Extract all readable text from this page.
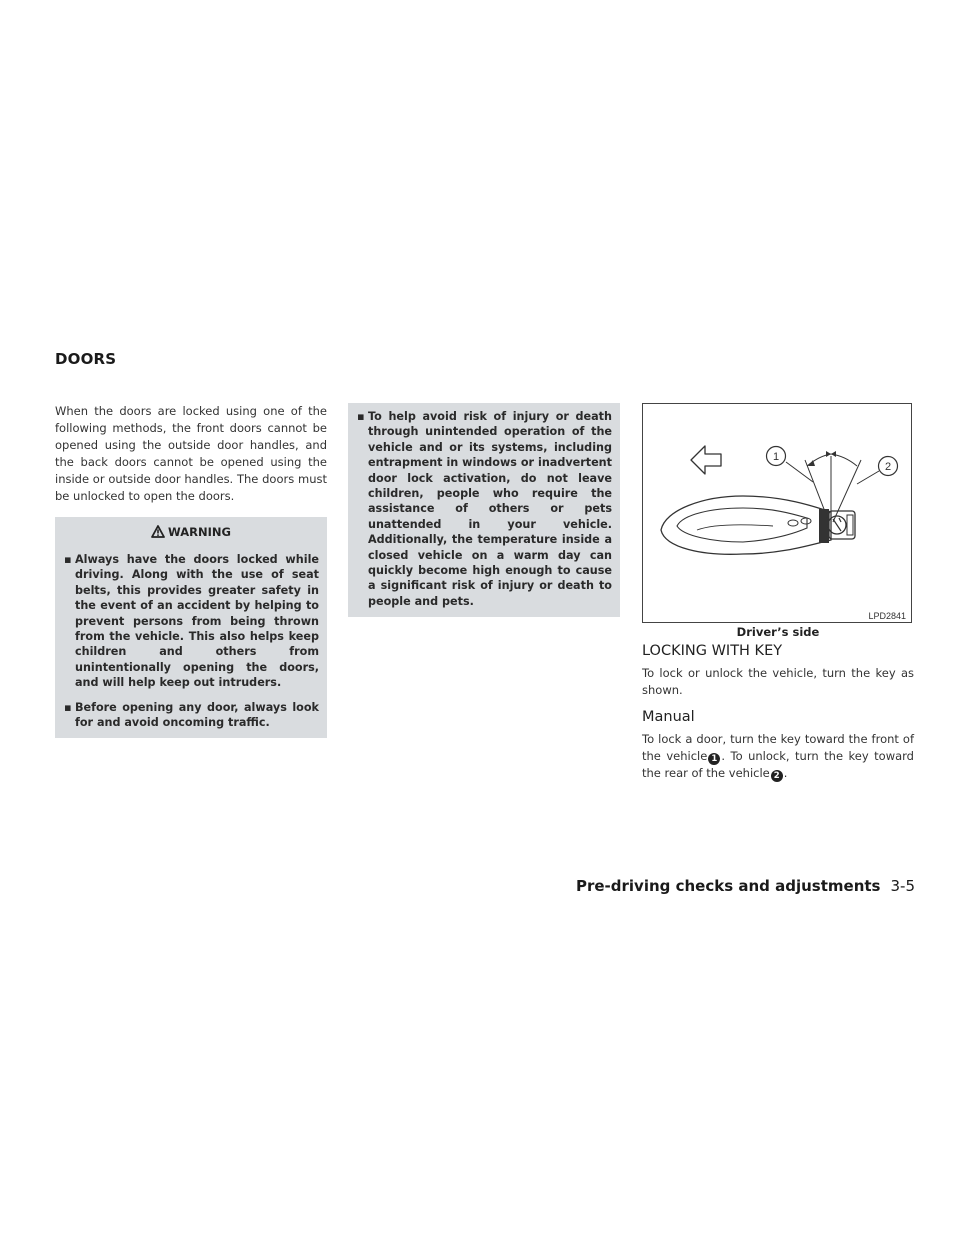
DOORS

When the doors are locked using one of the following methods, the front doors cannot be opened using the outside door handles, and the back doors cannot be opened using the inside or outside door handles. The doors must be unlocked to open the doors.

WARNING
▪ Always have the doors locked while driving. Along with the use of seat belts, this provides greater safety in the event of an accident by helping to prevent persons from being thrown from the vehicle. This also helps keep children and others from unintentionally opening the doors, and will help keep out intruders.
▪ Before opening any door, always look for and avoid oncoming traffic.
▪ To help avoid risk of injury or death through unintended operation of the vehicle and or its systems, including entrapment in windows or inadvertent door lock activation, do not leave children, people who require the assistance of others or pets unattended in your vehicle. Additionally, the temperature inside a closed vehicle on a warm day can quickly become high enough to cause a significant risk of injury or death to people and pets.
1
2
LPD2841

Driver’s side

LOCKING WITH KEY

To lock or unlock the vehicle, turn the key as shown.

Manual

To lock a door, turn the key toward the front of the vehicle 1 . To unlock, turn the key toward the rear of the vehicle 2 .

Pre-driving checks and adjustments 3-5
